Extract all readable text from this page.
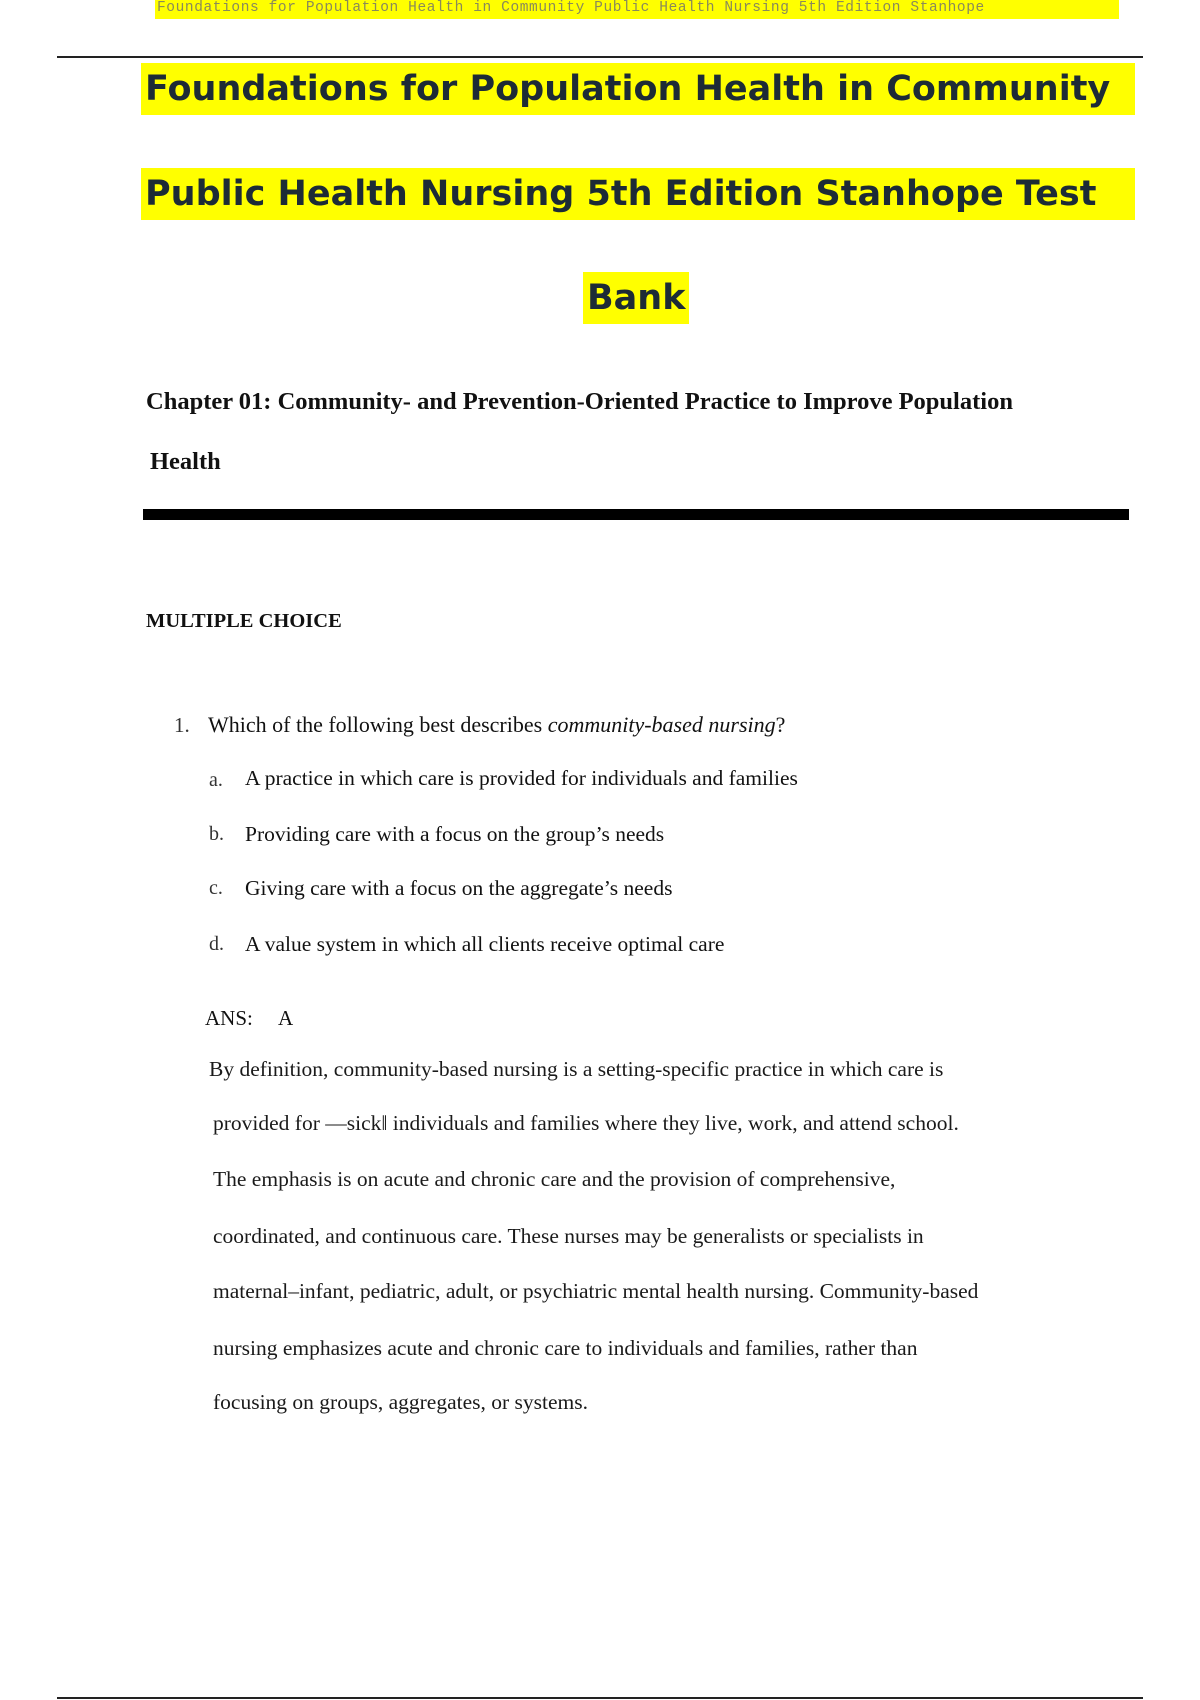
Foundations for Population Health in Community Public Health Nursing 5th Edition Stanhope
Foundations for Population Health in Community
Public Health Nursing 5th Edition Stanhope Test
Bank
Chapter 01: Community- and Prevention-Oriented Practice to Improve Population
Health
MULTIPLE CHOICE
1. Which of the following best describes community-based nursing?
a. A practice in which care is provided for individuals and families
b. Providing care with a focus on the group’s needs
c. Giving care with a focus on the aggregate’s needs
d. A value system in which all clients receive optimal care
ANS: A
By definition, community-based nursing is a setting-specific practice in which care is
provided for ―sick‖ individuals and families where they live, work, and attend school.
The emphasis is on acute and chronic care and the provision of comprehensive,
coordinated, and continuous care. These nurses may be generalists or specialists in
maternal–infant, pediatric, adult, or psychiatric mental health nursing. Community-based
nursing emphasizes acute and chronic care to individuals and families, rather than
focusing on groups, aggregates, or systems.
